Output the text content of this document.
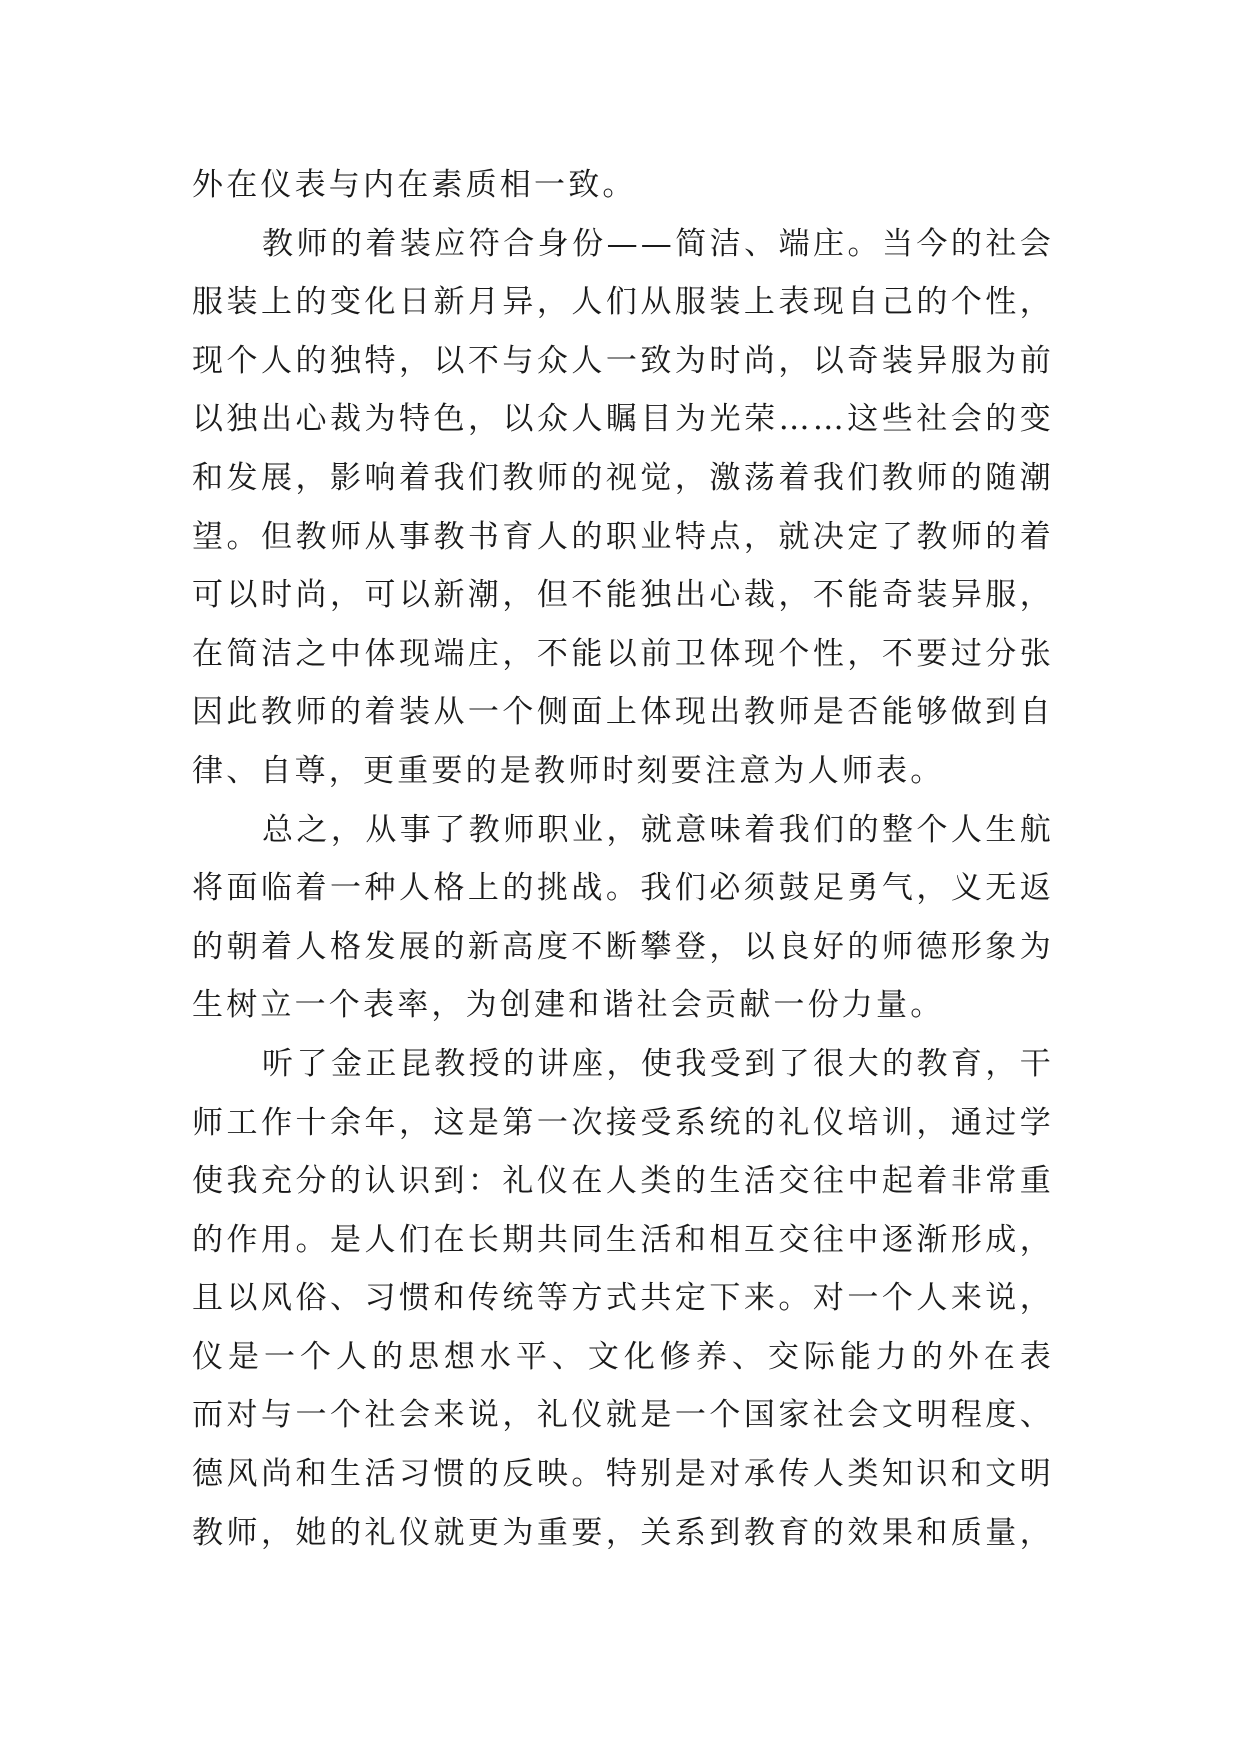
外在仪表与内在素质相一致。
教师的着装应符合身份——简洁、端庄。当今的社会
服装上的变化日新月异，人们从服装上表现自己的个性，
现个人的独特，以不与众人一致为时尚，以奇装异服为前
以独出心裁为特色，以众人瞩目为光荣……这些社会的变
和发展，影响着我们教师的视觉，激荡着我们教师的随潮
望。但教师从事教书育人的职业特点，就决定了教师的着
可以时尚，可以新潮，但不能独出心裁，不能奇装异服，
在简洁之中体现端庄，不能以前卫体现个性，不要过分张
因此教师的着装从一个侧面上体现出教师是否能够做到自
律、自尊，更重要的是教师时刻要注意为人师表。
总之，从事了教师职业，就意味着我们的整个人生航
将面临着一种人格上的挑战。我们必须鼓足勇气，义无返
的朝着人格发展的新高度不断攀登，以良好的师德形象为
生树立一个表率，为创建和谐社会贡献一份力量。
听了金正昆教授的讲座，使我受到了很大的教育，干
师工作十余年，这是第一次接受系统的礼仪培训，通过学
使我充分的认识到：礼仪在人类的生活交往中起着非常重
的作用。是人们在长期共同生活和相互交往中逐渐形成，
且以风俗、习惯和传统等方式共定下来。对一个人来说，
仪是一个人的思想水平、文化修养、交际能力的外在表
而对与一个社会来说，礼仪就是一个国家社会文明程度、
德风尚和生活习惯的反映。特别是对承传人类知识和文明
教师，她的礼仪就更为重要，关系到教育的效果和质量，
